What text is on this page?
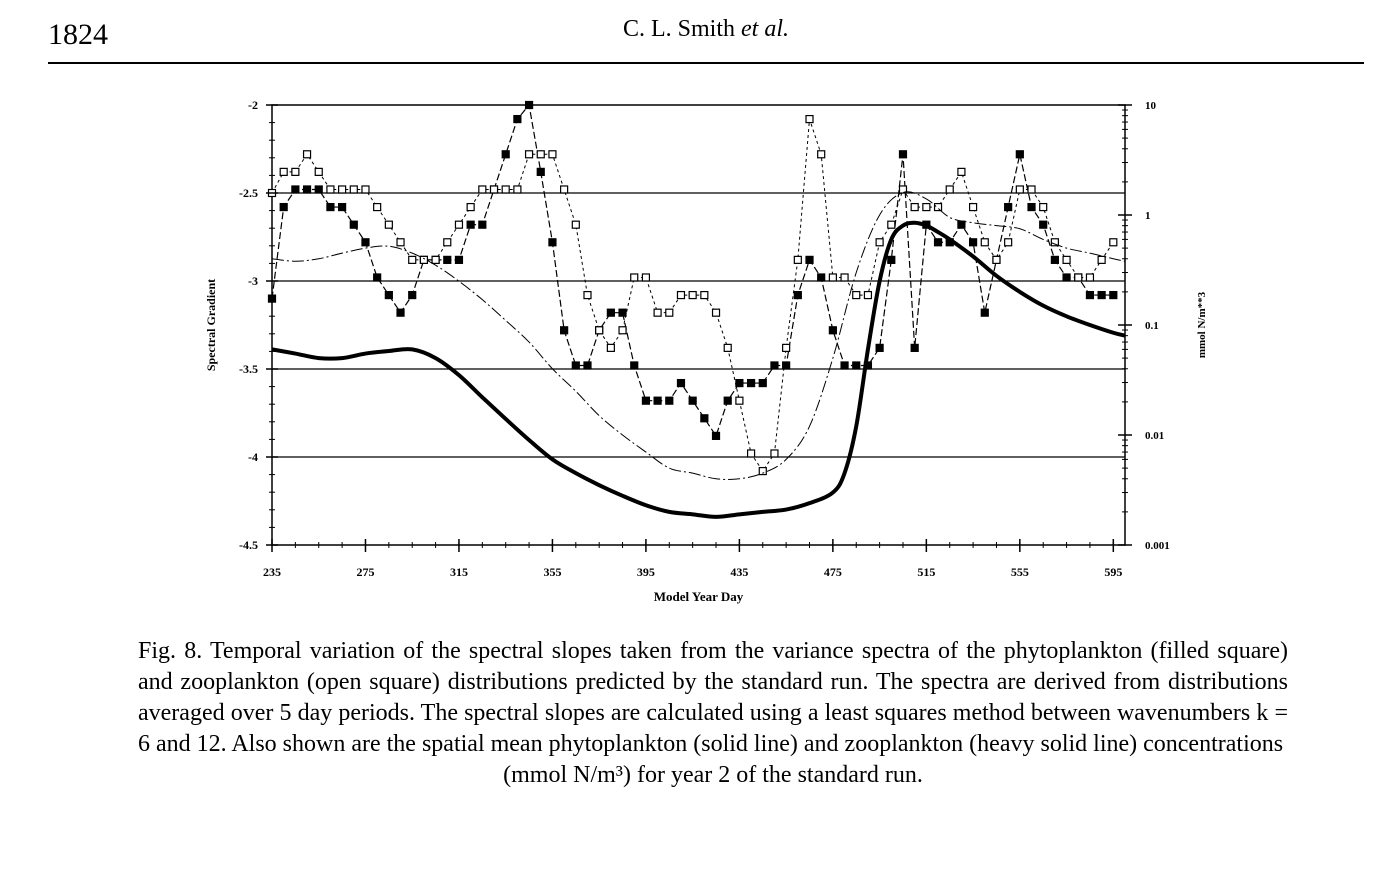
1824	C. L. Smith et al.
-2
-2.5
-3
-3.5
-4
-4.5
235	275	315	355	395	435	475	515	555	595
10
1
0.1
0.01
0.001
Model Year Day
Spectral Gradient	mmol N/m**3
Fig. 8. Temporal variation of the spectral slopes taken from the variance spectra of the phytoplankton (filled square) and zooplankton (open square) distributions predicted by the standard run. The spectra are derived from distributions averaged over 5 day periods. The spectral slopes are calculated using a least squares method between wavenumbers k = 6 and 12. Also shown are the spatial mean phytoplankton (solid line) and zooplankton (heavy solid line) concentrations
(mmol N/m³) for year 2 of the standard run.
